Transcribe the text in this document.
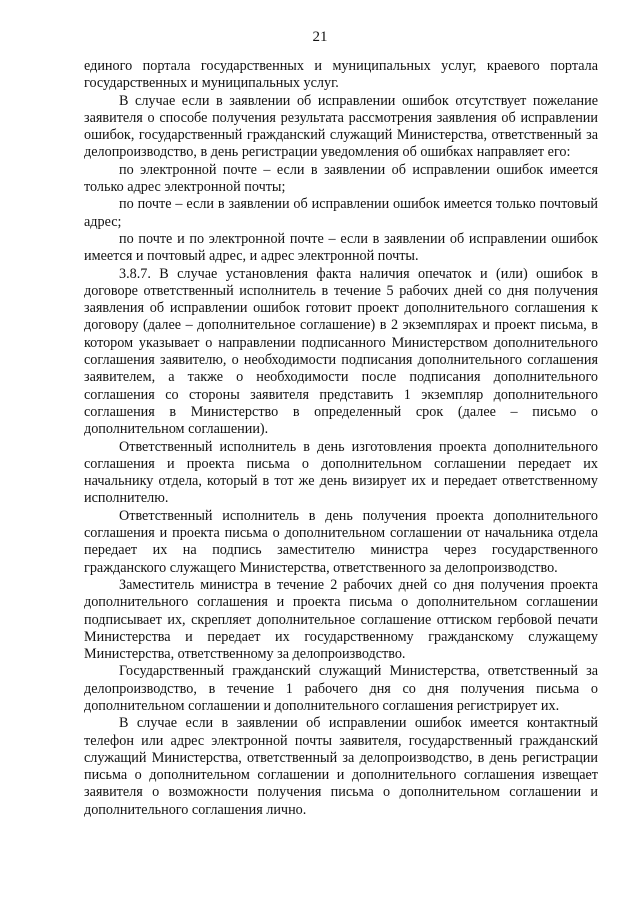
21

единого портала государственных и муниципальных услуг, краевого портала государственных и муниципальных услуг.

В случае если в заявлении об исправлении ошибок отсутствует пожелание заявителя о способе получения результата рассмотрения заявления об исправлении ошибок, государственный гражданский служащий Министерства, ответственный за делопроизводство, в день регистрации уведомления об ошибках направляет его:

по электронной почте – если в заявлении об исправлении ошибок имеется только адрес электронной почты;

по почте – если в заявлении об исправлении ошибок имеется только почтовый адрес;

по почте и по электронной почте – если в заявлении об исправлении ошибок имеется и почтовый адрес, и адрес электронной почты.

3.8.7. В случае установления факта наличия опечаток и (или) ошибок в договоре ответственный исполнитель в течение 5 рабочих дней со дня получения заявления об исправлении ошибок готовит проект дополнительного соглашения к договору (далее – дополнительное соглашение) в 2 экземплярах и проект письма, в котором указывает о направлении подписанного Министерством дополнительного соглашения заявителю, о необходимости подписания дополнительного соглашения заявителем, а также о необходимости после подписания дополнительного соглашения со стороны заявителя представить 1 экземпляр дополнительного соглашения в Министерство в определенный срок (далее – письмо о дополнительном соглашении).

Ответственный исполнитель в день изготовления проекта дополнительного соглашения и проекта письма о дополнительном соглашении передает их начальнику отдела, который в тот же день визирует их и передает ответственному исполнителю.

Ответственный исполнитель в день получения проекта дополнительного соглашения и проекта письма о дополнительном соглашении от начальника отдела передает их на подпись заместителю министра через государственного гражданского служащего Министерства, ответственного за делопроизводство.

Заместитель министра в течение 2 рабочих дней со дня получения проекта дополнительного соглашения и проекта письма о дополнительном соглашении подписывает их, скрепляет дополнительное соглашение оттиском гербовой печати Министерства и передает их государственному гражданскому служащему Министерства, ответственному за делопроизводство.

Государственный гражданский служащий Министерства, ответственный за делопроизводство, в течение 1 рабочего дня со дня получения письма о дополнительном соглашении и дополнительного соглашения регистрирует их.

В случае если в заявлении об исправлении ошибок имеется контактный телефон или адрес электронной почты заявителя, государственный гражданский служащий Министерства, ответственный за делопроизводство, в день регистрации письма о дополнительном соглашении и дополнительного соглашения извещает заявителя о возможности получения письма о дополнительном соглашении и дополнительного соглашения лично.
